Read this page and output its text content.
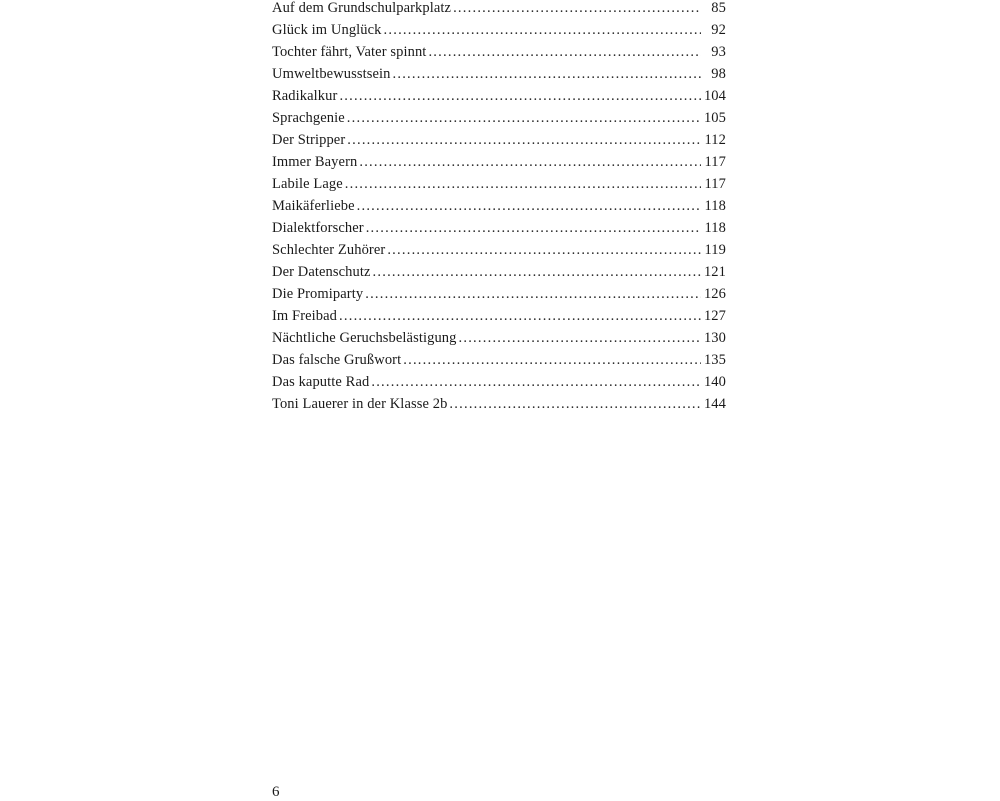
Auf dem Grundschulparkplatz . . .	85
Glück im Unglück . . .	92
Tochter fährt, Vater spinnt . . .	93
Umweltbewusstsein . . .	98
Radikalkur . . .	104
Sprachgenie . . .	105
Der Stripper . . .	112
Immer Bayern . . .	117
Labile Lage . . .	117
Maikäferliebe . . .	118
Dialektforscher . . .	118
Schlechter Zuhörer . . .	119
Der Datenschutz . . .	121
Die Promiparty . . .	126
Im Freibad . . .	127
Nächtliche Geruchsbelästigung . . .	130
Das falsche Grußwort . . .	135
Das kaputte Rad . . .	140
Toni Lauerer in der Klasse 2b . . .	144
6
